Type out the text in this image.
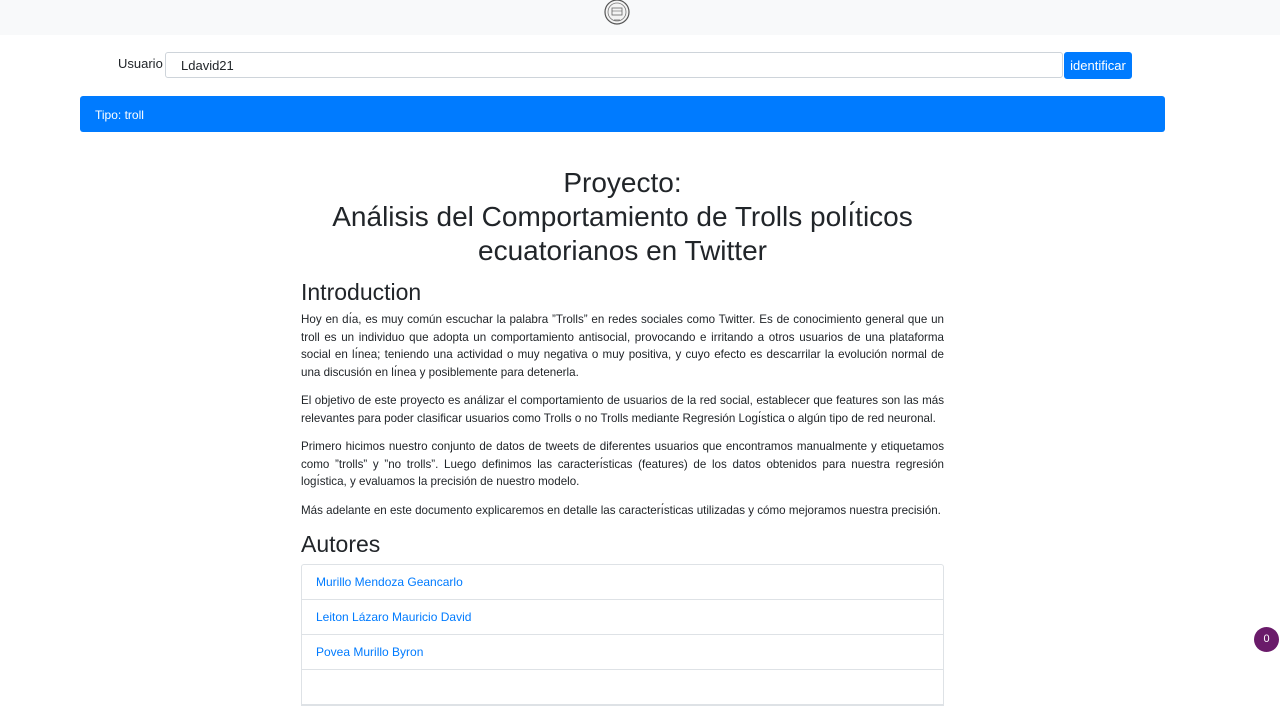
Usuario
Ldavid21	identificar
Tipo: troll
Proyecto:
Análisis del Comportamiento de Trolls polı́ticos
ecuatorianos en Twitter
Introduction

Hoy en dı́a, es muy común escuchar la palabra ”Trolls” en redes sociales como Twitter. Es de conocimiento general que un troll es un individuo que adopta un comportamiento antisocial, provocando e irritando a otros usuarios de una plataforma social en lı́nea; teniendo una actividad o muy negativa o muy positiva, y cuyo efecto es descarrilar la evolución normal de una discusión en lı́nea y posiblemente para detenerla.

El objetivo de este proyecto es análizar el comportamiento de usuarios de la red social, establecer que features son las más relevantes para poder clasificar usuarios como Trolls o no Trolls mediante Regresión Logı́stica o algún tipo de red neuronal.

Primero hicimos nuestro conjunto de datos de tweets de diferentes usuarios que encontramos manualmente y etiquetamos como ”trolls” y ”no trolls”. Luego definimos las caracterı́sticas (features) de los datos obtenidos para nuestra regresión logı́stica, y evaluamos la precisión de nuestro modelo.

Más adelante en este documento explicaremos en detalle las caracterı́sticas utilizadas y cómo mejoramos nuestra precisión.

Autores
Murillo Mendoza Geancarlo
Leiton Lázaro Mauricio David
Povea Murillo Byron
0
